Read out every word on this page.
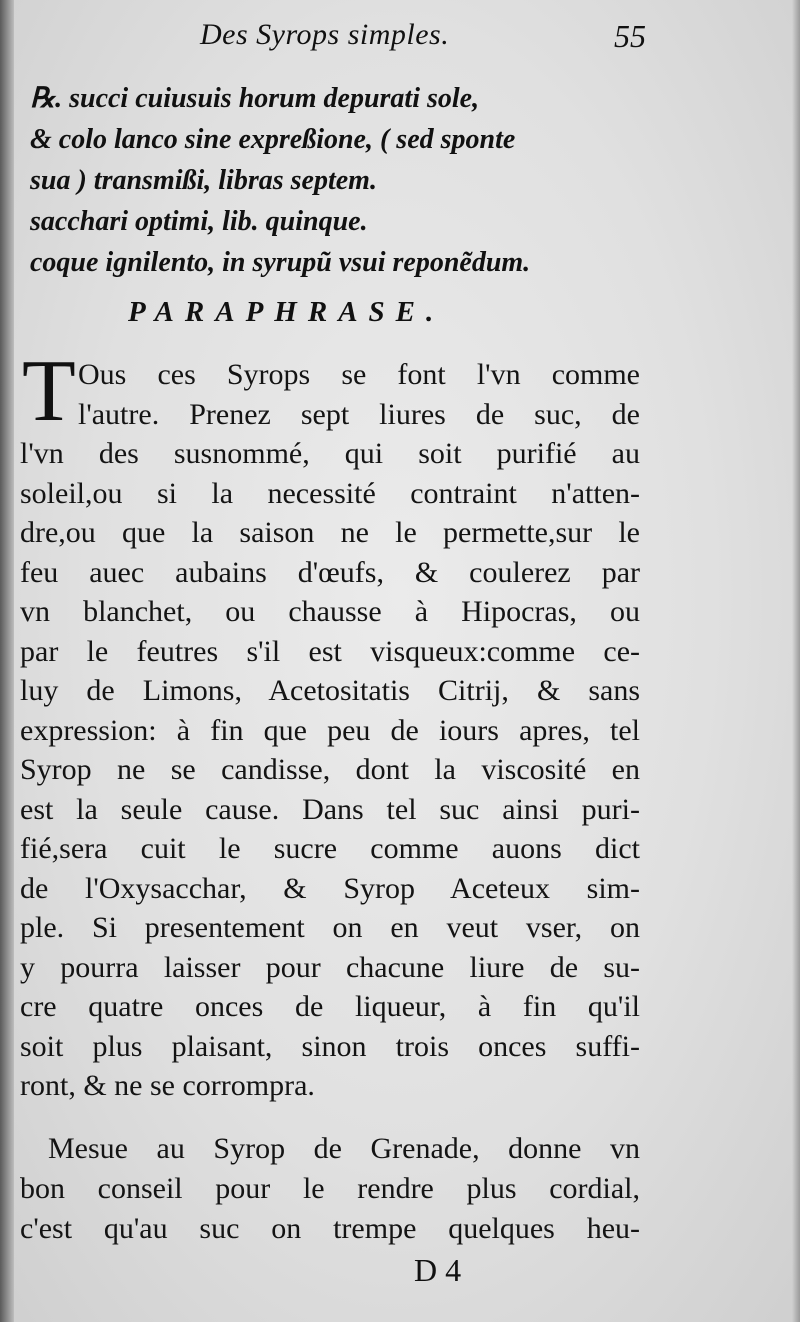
Des Syrops simples.	55
℞. succi cuiusuis horum depurati sole,
& colo lanco sine expreßione, ( sed sponte
sua ) transmißi, libras septem.
sacchari optimi, lib. quinque.
coque ignilento, in syrupũ vsui reponẽdum.
PARAPHRASE.
T Ous ces Syrops se font l'vn comme
l'autre. Prenez sept liures de suc, de
l'vn des susnommé, qui soit purifié au
soleil,ou si la necessité contraint n'atten-
dre,ou que la saison ne le permette,sur le
feu auec aubains d'œufs, & coulerez par
vn blanchet, ou chausse à Hipocras, ou
par le feutres s'il est visqueux:comme ce-
luy de Limons, Acetositatis Citrij, & sans
expression: à fin que peu de iours apres, tel
Syrop ne se candisse, dont la viscosité en
est la seule cause. Dans tel suc ainsi puri-
fié,sera cuit le sucre comme auons dict
de l'Oxysacchar, & Syrop Aceteux sim-
ple. Si presentement on en veut vser, on
y pourra laisser pour chacune liure de su-
cre quatre onces de liqueur, à fin qu'il
soit plus plaisant, sinon trois onces suffi-
ront, & ne se corrompra.
Mesue au Syrop de Grenade, donne vn
bon conseil pour le rendre plus cordial,
c'est qu'au suc on trempe quelques heu-
D 4
